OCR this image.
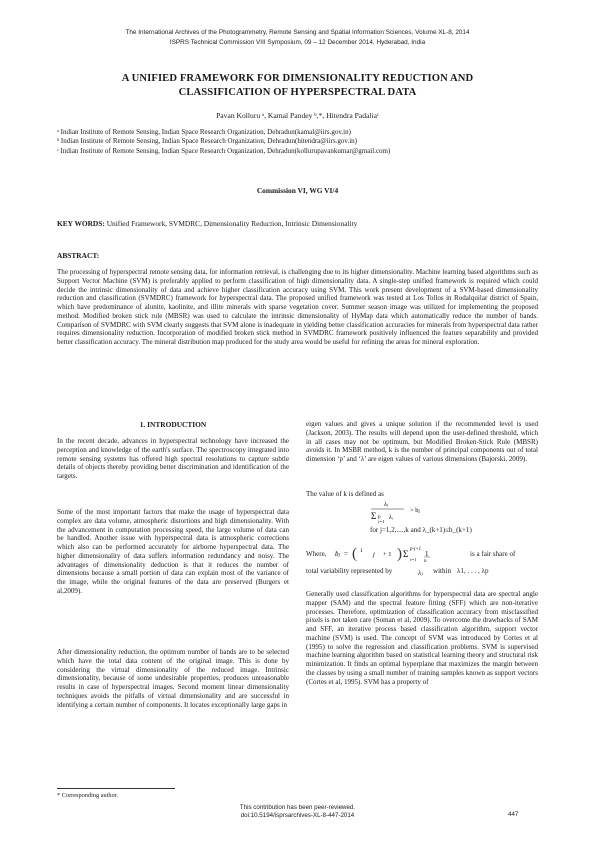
The International Archives of the Photogrammetry, Remote Sensing and Spatial Information Sciences, Volume XL-8, 2014
ISPRS Technical Commission VIII Symposium, 09 – 12 December 2014, Hyderabad, India
A UNIFIED FRAMEWORK FOR DIMENSIONALITY REDUCTION AND
CLASSIFICATION OF HYPERSPECTRAL DATA
Pavan Kolluru ᵃ, Kamal Pandey ᵇ,*, Hitendra Padaliaᶜ
ᵃ Indian Institute of Remote Sensing, Indian Space Research Organization, Dehradun(kamal@iirs.gov.in)
ᵇ Indian Institute of Remote Sensing, Indian Space Research Organization, Dehradun(hitendra@iirs.gov.in)
ᶜ Indian Institute of Remote Sensing, Indian Space Research Organization, Dehradun(kollurupavankumar@gmail.com)
Commission VI, WG VI/4
KEY WORDS: Unified Framework, SVMDRC, Dimensionality Reduction, Intrinsic Dimensionality
ABSTRACT:
The processing of hyperspectral remote sensing data, for information retrieval, is challenging due to its higher dimensionality. Machine learning based algorithms such as Support Vector Machine (SVM) is preferably applied to perform classification of high dimensionality data. A single-step unified framework is required which could decide the intrinsic dimensionality of data and achieve higher classification accuracy using SVM. This work present development of a SVM-based dimensionality reduction and classification (SVMDRC) framework for hyperspectral data. The proposed unified framework was tested at Los Tollos in Rodalquilar district of Spain, which have predominance of alunite, kaolinite, and illite minerals with sparse vegetation cover. Summer season image was utilized for implementing the proposed method. Modified broken stick rule (MBSR) was used to calculate the intrinsic dimensionality of HyMap data which automatically reduce the number of bands. Comparison of SVMDRC with SVM clearly suggests that SVM alone is inadequate in yielding better classification accuracies for minerals from hyperspectral data rather requires dimensionality reduction. Incorporation of modified broken stick method in SVMDRC framework positively influenced the feature separability and provided better classification accuracy. The mineral distribution map produced for the study area would be useful for refining the areas for mineral exploration.
1. INTRODUCTION
In the recent decade, advances in hyperspectral technology have increased the perception and knowledge of the earth's surface. The spectroscopy integrated into remote sensing systems has offered high spectral resolutions to capture subtle details of objects thereby providing better discrimination and identification of the targets.
Some of the most important factors that make the usage of hyperspectral data complex are data volume, atmospheric distortions and high dimensionality. With the advancement in computation processing speed, the large volume of data can be handled. Another issue with hyperspectral data is atmospheric corrections which also can be performed accurately for airborne hyperspectral data. The higher dimensionality of data suffers information redundancy and noisy. The advantages of dimensionality deduction is that it reduces the number of dimensions because a small portion of data can explain most of the variance of the image, while the original features of the data are preserved (Burgers et al,2009).
After dimensionality reduction, the optimum number of bands are to be selected which have the total data content of the original image. This is done by considering the virtual dimensionality of the reduced image. Intrinsic dimensionality, because of some undesirable properties, produces unreasonable results in case of hyperspectral images. Second moment linear dimensionality techniques avoids the pitfalls of virtual dimensionality and are successful in identifying a certain number of components. It locates exceptionally large gaps in
* Corresponding author.
eigen values and gives a unique solution if the recommended level is used (Jackson, 2003). The results will depend upon the user-defined threshold, which in all cases may not be optimum, but Modified Broken-Stick Rule (MBSR) avoids it. In MSBR method, k is the number of principal components out of total dimension ‘p’ and ‘λ’ are eigen values of various dimensions (Bajorski, 2009).
The value of k is defined as
λⱼ
Σ p
i=1
λᵢ
> bⱼ
for j=1,2,....,k and λ_(k+1)≤b_(k+1)
Where, bⱼ = ( 1 j + 1 ) Σ p-j+1
i=1
1
p
is a fair share of
total variability represented by	λⱼ within λ1, . . . , λp
Generally used classification algorithms for hyperspectral data are spectral angle mapper (SAM) and the spectral feature fitting (SFF) which are non-iterative processes. Therefore, optimization of classification accuracy from misclassified pixels is not taken care (Soman et al, 2009). To overcome the drawbacks of SAM and SFF, an iterative process based classification algorithm, support vector machine (SVM) is used. The concept of SVM was introduced by Cortes et al (1995) to solve the regression and classification problems. SVM is supervised machine learning algorithm based on statistical learning theory and structural risk minimization. It finds an optimal hyperplane that maximizes the margin between the classes by using a small number of training samples known as support vectors (Cortes et al, 1995). SVM has a property of
This contribution has been peer-reviewed.
doi:10.5194/isprsarchives-XL-8-447-2014	447
